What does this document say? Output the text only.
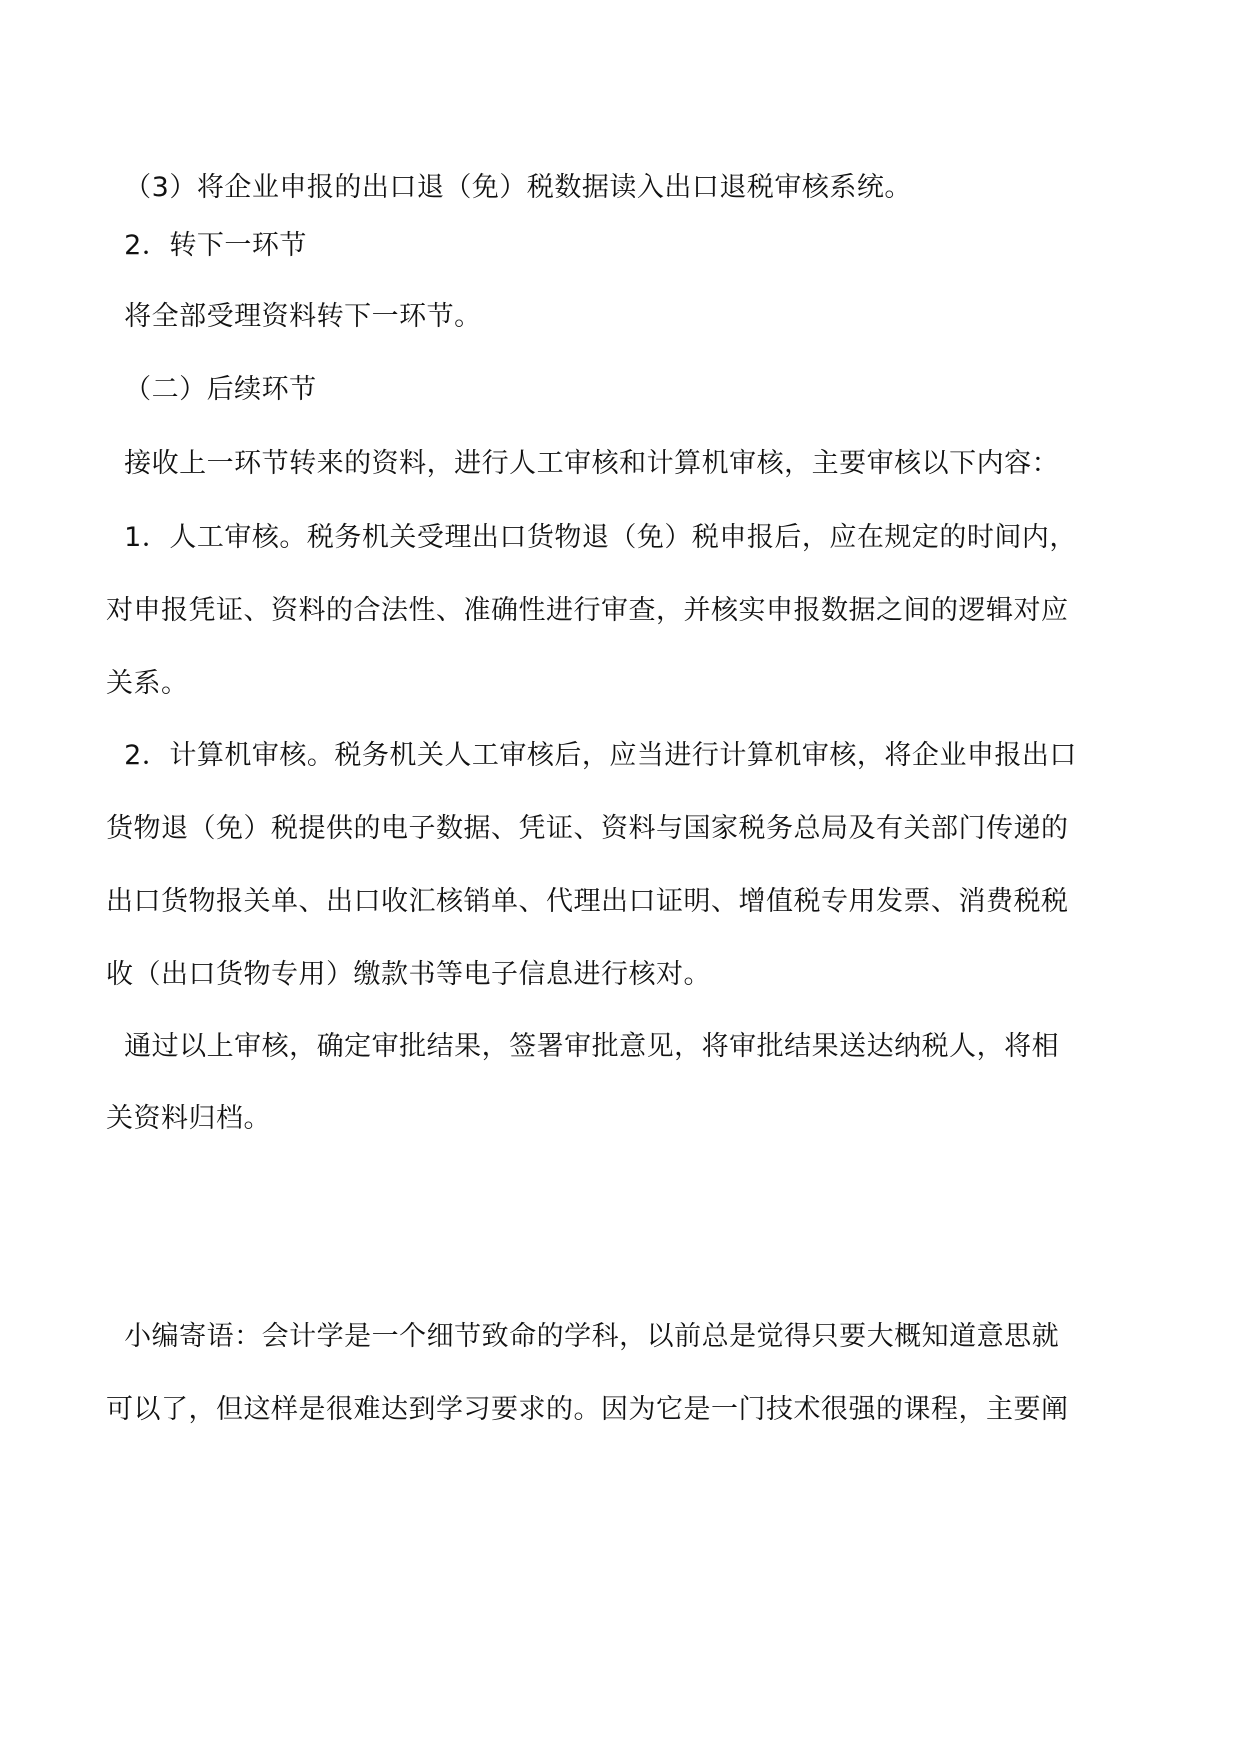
（3）将企业申报的出口退（免）税数据读入出口退税审核系统。
2．转下一环节
将全部受理资料转下一环节。
（二）后续环节
接收上一环节转来的资料，进行人工审核和计算机审核，主要审核以下内容：
1．人工审核。税务机关受理出口货物退（免）税申报后，应在规定的时间内，
对申报凭证、资料的合法性、准确性进行审查，并核实申报数据之间的逻辑对应
关系。
2．计算机审核。税务机关人工审核后，应当进行计算机审核，将企业申报出口
货物退（免）税提供的电子数据、凭证、资料与国家税务总局及有关部门传递的
出口货物报关单、出口收汇核销单、代理出口证明、增值税专用发票、消费税税
收（出口货物专用）缴款书等电子信息进行核对。
通过以上审核，确定审批结果，签署审批意见，将审批结果送达纳税人，将相
关资料归档。
小编寄语：会计学是一个细节致命的学科，以前总是觉得只要大概知道意思就
可以了，但这样是很难达到学习要求的。因为它是一门技术很强的课程，主要阐
